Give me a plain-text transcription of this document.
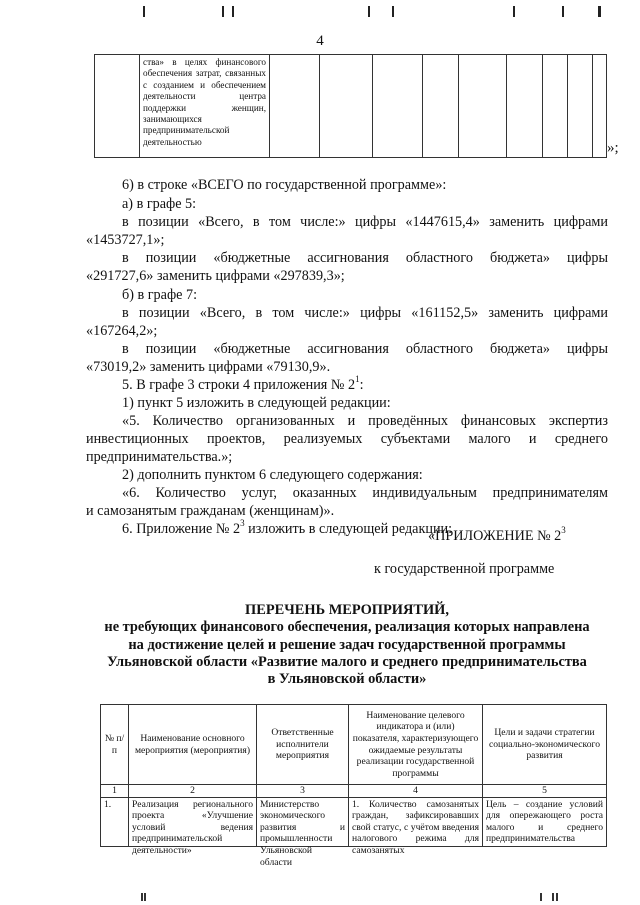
4
	ства» в целях финансового обеспечения затрат, связанных с созданием и обеспечением деятельности центра поддержки женщин, занимающихся предпринимательской деятельностью										»;
6) в строке «ВСЕГО по государственной программе»:
а) в графе 5:
в позиции «Всего, в том числе:» цифры «1447615,4» заменить цифрами
«1453727,1»;
в позиции «бюджетные ассигнования областного бюджета» цифры
«291727,6» заменить цифрами «297839,3»;
б) в графе 7:
в позиции «Всего, в том числе:» цифры «161152,5» заменить цифрами
«167264,2»;
в позиции «бюджетные ассигнования областного бюджета» цифры
«73019,2» заменить цифрами «79130,9».
5. В графе 3 строки 4 приложения № $2^1$:
1) пункт 5 изложить в следующей редакции:
«5. Количество организованных и проведённых финансовых экспертиз
инвестиционных проектов, реализуемых субъектами малого и среднего
предпринимательства.»;
2) дополнить пунктом 6 следующего содержания:
«6. Количество услуг, оказанных индивидуальным предпринимателям
и самозанятым гражданам (женщинам)».
6. Приложение № $2^3$ изложить в следующей редакции:
«ПРИЛОЖЕНИЕ № $2^3$
к государственной программе
ПЕРЕЧЕНЬ МЕРОПРИЯТИЙ,
не требующих финансового обеспечения, реализация которых направлена
на достижение целей и решение задач государственной программы
Ульяновской области «Развитие малого и среднего предпринимательства
в Ульяновской области»
№ п/п	Наименование основного мероприятия (мероприятия)	Ответственные исполнители мероприятия	Наименование целевого индикатора и (или) показателя, характеризующего ожидаемые результаты реализации государственной программы	Цели и задачи стратегии социально-экономического развития
1	2	3	4	5

1.	Реализация регионального проекта «Улучшение условий ведения предпринимательской деятельности»	Министерство экономического развития и промышленности Ульяновской области	1. Количество самозанятых граждан, зафиксировавших свой статус, с учётом введения налогового режима для самозанятых	Цель – создание условий для опережающего роста малого и среднего предпринимательства
